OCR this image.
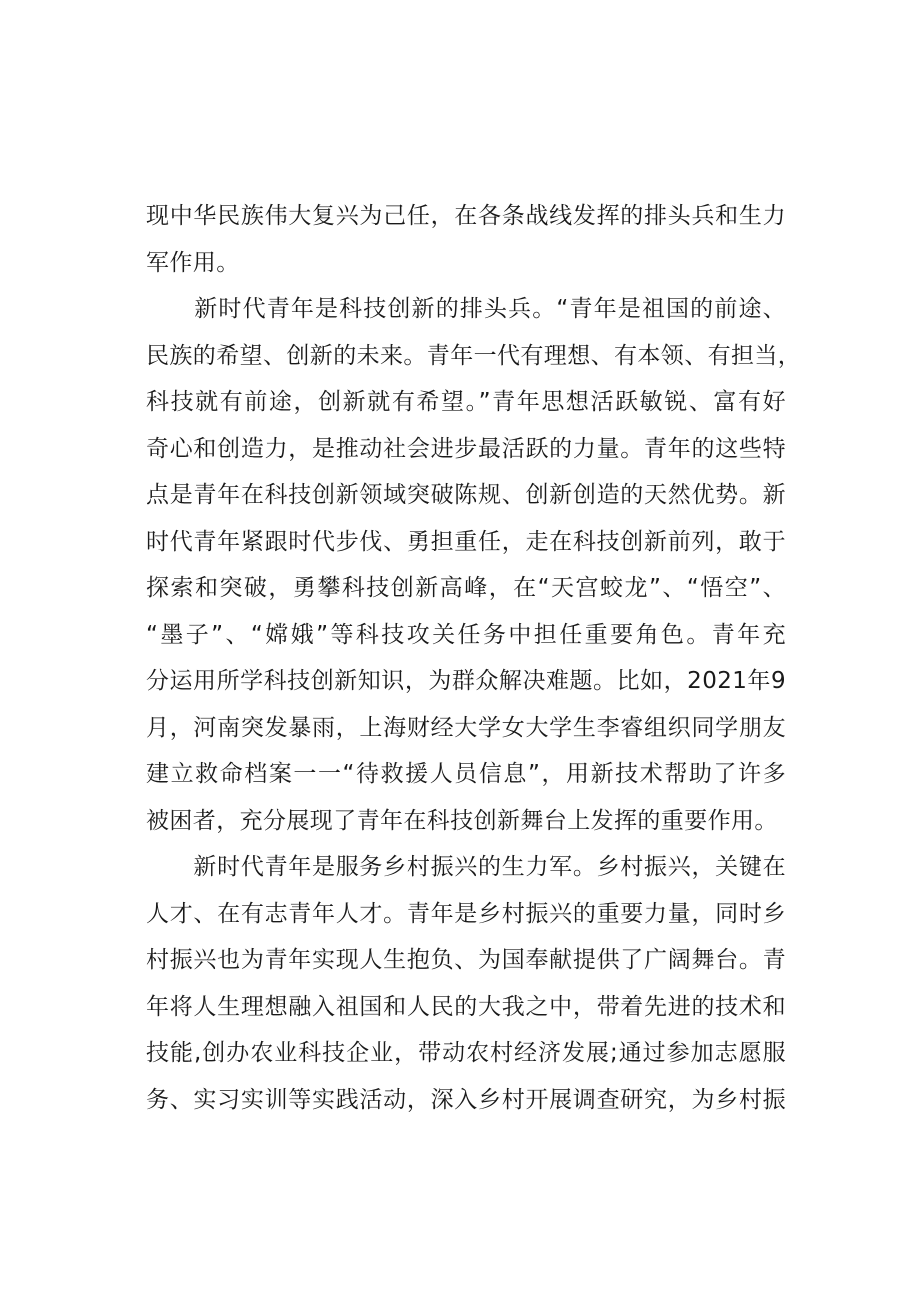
现中华民族伟大复兴为己任，在各条战线发挥的排头兵和生力
军作用。
　　新时代青年是科技创新的排头兵。“青年是祖国的前途、
民族的希望、创新的未来。青年一代有理想、有本领、有担当，
科技就有前途，创新就有希望。”青年思想活跃敏锐、富有好
奇心和创造力，是推动社会进步最活跃的力量。青年的这些特
点是青年在科技创新领域突破陈规、创新创造的天然优势。新
时代青年紧跟时代步伐、勇担重任，走在科技创新前列，敢于
探索和突破，勇攀科技创新高峰，在“天宫蛟龙”、“悟空”、
“墨子”、“嫦娥”等科技攻关任务中担任重要角色。青年充
分运用所学科技创新知识，为群众解决难题。比如，2021年9
月，河南突发暴雨，上海财经大学女大学生李睿组织同学朋友
建立救命档案一一“待救援人员信息”，用新技术帮助了许多
被困者，充分展现了青年在科技创新舞台上发挥的重要作用。
　　新时代青年是服务乡村振兴的生力军。乡村振兴，关键在
人才、在有志青年人才。青年是乡村振兴的重要力量，同时乡
村振兴也为青年实现人生抱负、为国奉献提供了广阔舞台。青
年将人生理想融入祖国和人民的大我之中，带着先进的技术和
技能,创办农业科技企业，带动农村经济发展;通过参加志愿服
务、实习实训等实践活动，深入乡村开展调查研究，为乡村振
